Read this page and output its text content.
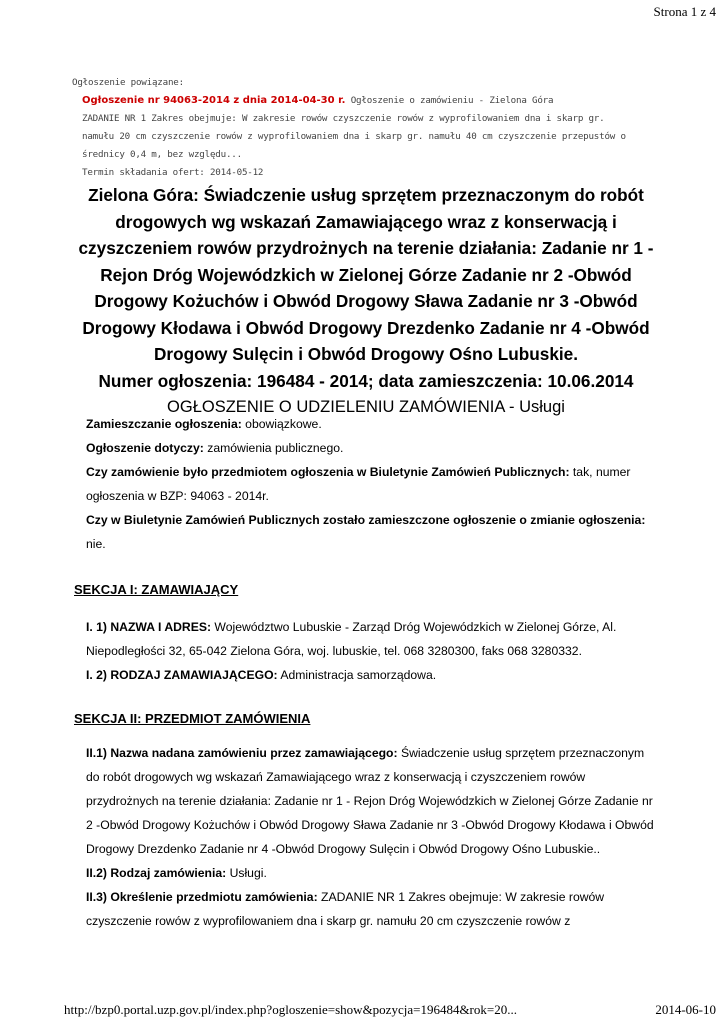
Strona 1 z 4
Ogłoszenie powiązane:
Ogłoszenie nr 94063-2014 z dnia 2014-04-30 r. Ogłoszenie o zamówieniu - Zielona Góra
ZADANIE NR 1 Zakres obejmuje: W zakresie rowów czyszczenie rowów z wyprofilowaniem dna i skarp gr.
namułu 20 cm czyszczenie rowów z wyprofilowaniem dna i skarp gr. namułu 40 cm czyszczenie przepustów o
średnicy 0,4 m, bez względu...
Termin składania ofert: 2014-05-12
Zielona Góra: Świadczenie usług sprzętem przeznaczonym do robót drogowych wg wskazań Zamawiającego wraz z konserwacją i czyszczeniem rowów przydrożnych na terenie działania: Zadanie nr 1 - Rejon Dróg Wojewódzkich w Zielonej Górze Zadanie nr 2 -Obwód Drogowy Kożuchów i Obwód Drogowy Sława Zadanie nr 3 -Obwód Drogowy Kłodawa i Obwód Drogowy Drezdenko Zadanie nr 4 -Obwód Drogowy Sulęcin i Obwód Drogowy Ośno Lubuskie.
Numer ogłoszenia: 196484 - 2014; data zamieszczenia: 10.06.2014
OGŁOSZENIE O UDZIELENIU ZAMÓWIENIA - Usługi

Zamieszczanie ogłoszenia: obowiązkowe.

Ogłoszenie dotyczy: zamówienia publicznego.

Czy zamówienie było przedmiotem ogłoszenia w Biuletynie Zamówień Publicznych: tak, numer ogłoszenia w BZP: 94063 - 2014r.

Czy w Biuletynie Zamówień Publicznych zostało zamieszczone ogłoszenie o zmianie ogłoszenia: nie.

SEKCJA I: ZAMAWIAJĄCY

I. 1) NAZWA I ADRES: Województwo Lubuskie - Zarząd Dróg Wojewódzkich w Zielonej Górze, Al. Niepodległości 32, 65-042 Zielona Góra, woj. lubuskie, tel. 068 3280300, faks 068 3280332.

I. 2) RODZAJ ZAMAWIAJĄCEGO: Administracja samorządowa.

SEKCJA II: PRZEDMIOT ZAMÓWIENIA

II.1) Nazwa nadana zamówieniu przez zamawiającego: Świadczenie usług sprzętem przeznaczonym do robót drogowych wg wskazań Zamawiającego wraz z konserwacją i czyszczeniem rowów przydrożnych na terenie działania: Zadanie nr 1 - Rejon Dróg Wojewódzkich w Zielonej Górze Zadanie nr 2 -Obwód Drogowy Kożuchów i Obwód Drogowy Sława Zadanie nr 3 -Obwód Drogowy Kłodawa i Obwód Drogowy Drezdenko Zadanie nr 4 -Obwód Drogowy Sulęcin i Obwód Drogowy Ośno Lubuskie..

II.2) Rodzaj zamówienia: Usługi.

II.3) Określenie przedmiotu zamówienia: ZADANIE NR 1 Zakres obejmuje: W zakresie rowów czyszczenie rowów z wyprofilowaniem dna i skarp gr. namułu 20 cm czyszczenie rowów z

http://bzp0.portal.uzp.gov.pl/index.php?ogloszenie=show&pozycja=196484&rok=20...	2014-06-10
